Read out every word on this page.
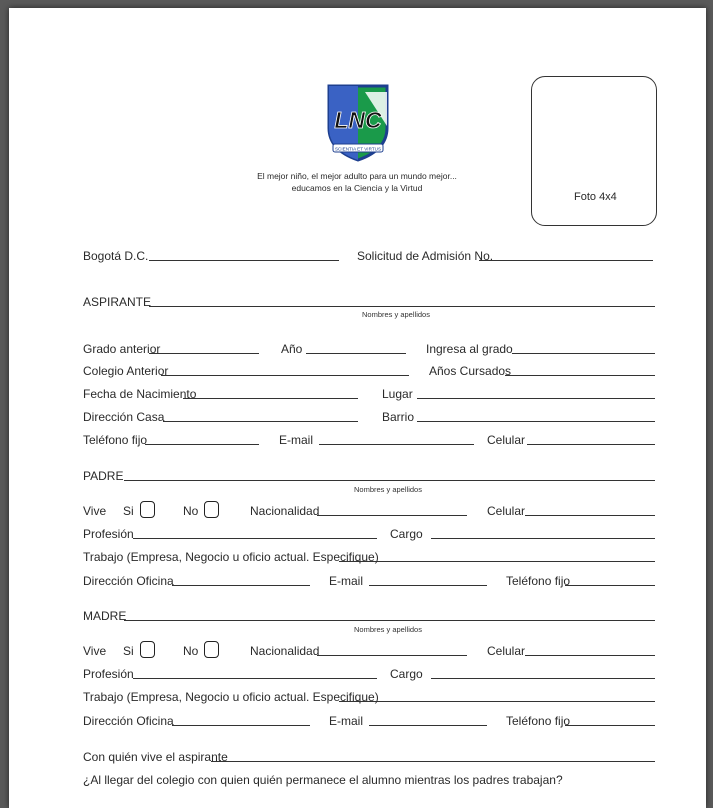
LNC
SCIENTIA ET VIRTUS
El mejor niño, el mejor adulto para un mundo mejor...
educamos en la Ciencia y la Virtud
Foto 4x4
Bogotá D.C.	Solicitud de Admisión No.
ASPIRANTE
Nombres y apellidos
Grado anterior	Año	Ingresa al grado
Colegio Anterior	Años Cursados
Fecha de Nacimiento	Lugar
Dirección Casa	Barrio
Teléfono fijo	E-mail	Celular
PADRE
Nombres y apellidos
Vive Si	No	Nacionalidad	Celular
Profesión	Cargo
Trabajo (Empresa, Negocio u oficio actual. Especifique)
Dirección Oficina	E-mail	Teléfono fijo
MADRE
Nombres y apellidos
Vive Si	No	Nacionalidad	Celular
Profesión	Cargo
Trabajo (Empresa, Negocio u oficio actual. Especifique)
Dirección Oficina	E-mail	Teléfono fijo
Con quién vive el aspirante
¿Al llegar del colegio con quien quién permanece el alumno mientras los padres trabajan?
